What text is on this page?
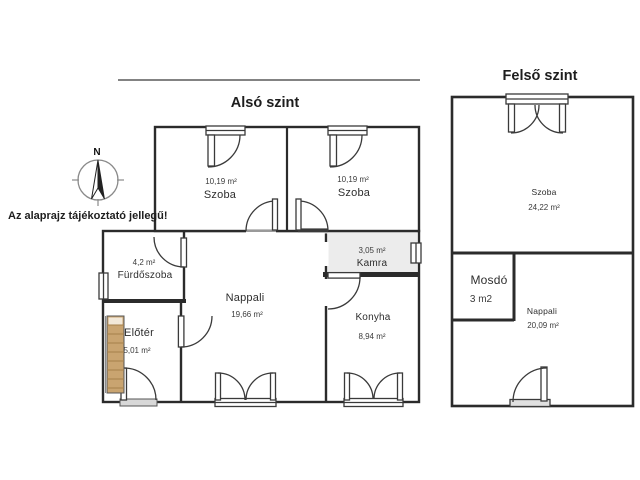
Alsó szint
Felső szint
10,19 m²
Szoba
10,19 m²
Szoba
4,2 m²
Fürdőszoba
Előtér
5,01 m²
Nappali
19,66 m²
3,05 m²
Kamra
Konyha
8,94 m²
Szoba
24,22 m²
Mosdó
3 m2
Nappali
20,09 m²
N
Az alaprajz tájékoztató jellegű!
